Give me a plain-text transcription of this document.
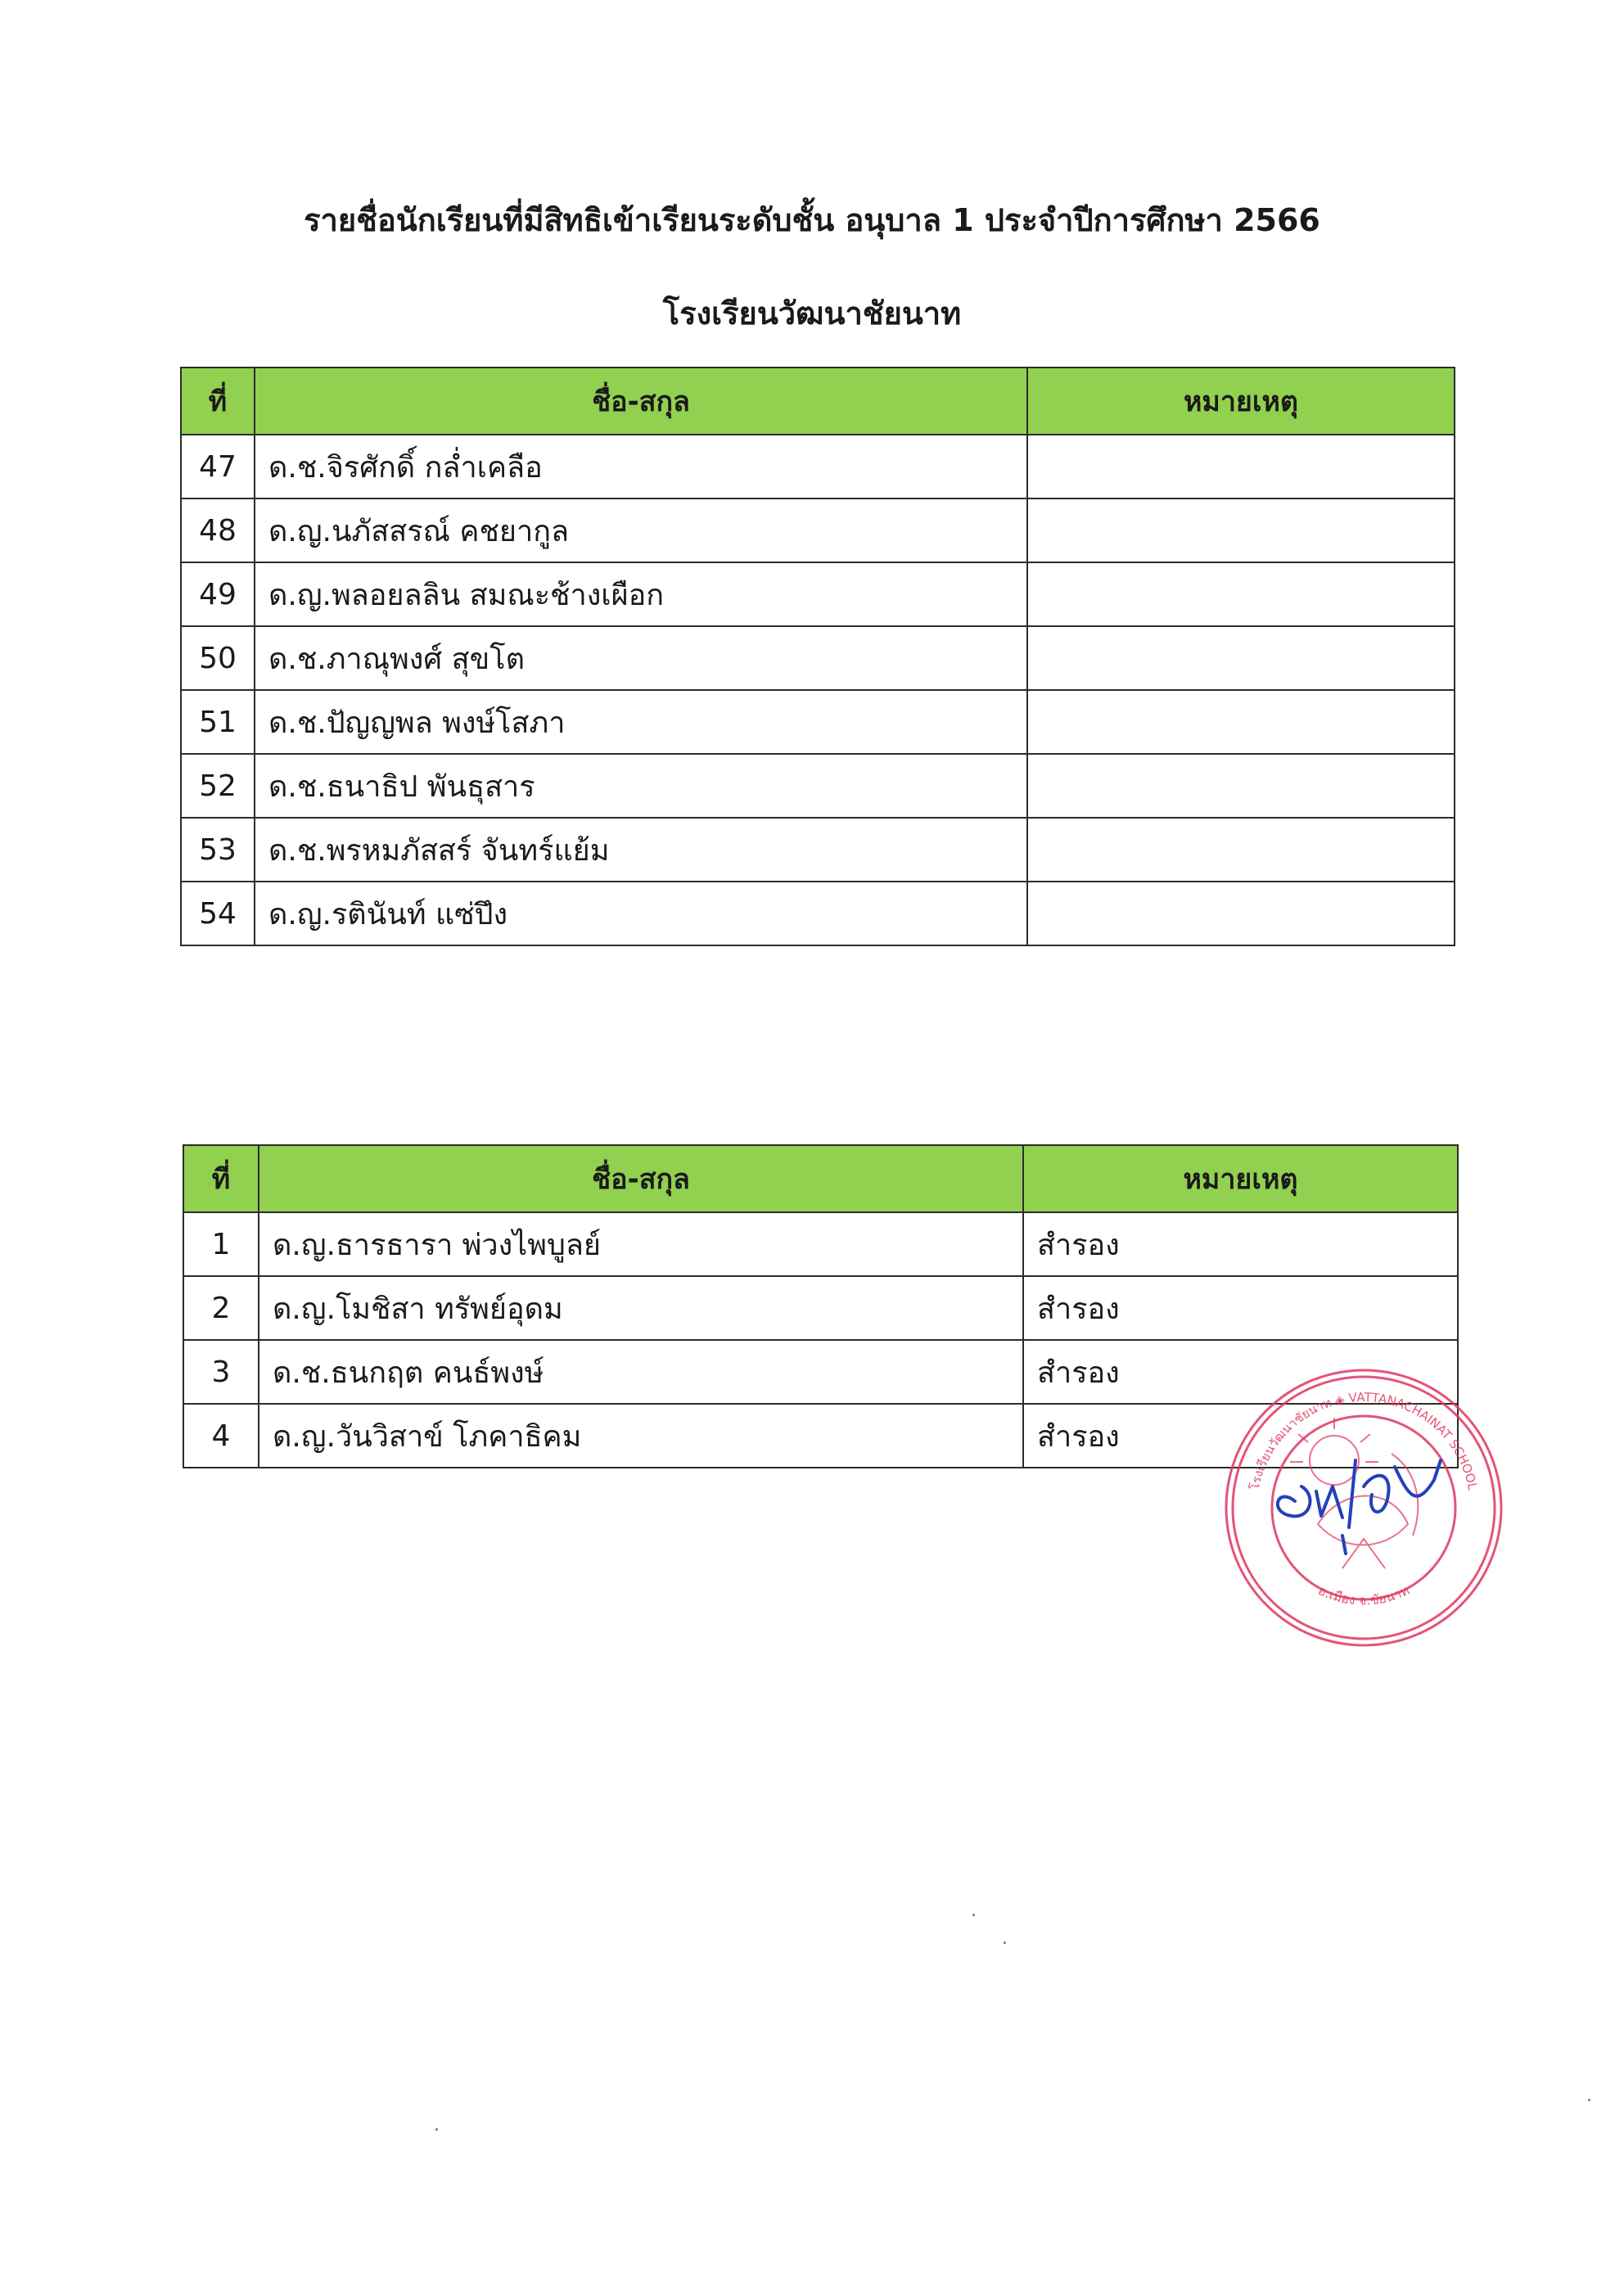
รายชื่อนักเรียนที่มีสิทธิเข้าเรียนระดับชั้น อนุบาล 1 ประจำปีการศึกษา 2566
โรงเรียนวัฒนาชัยนาท
ที่	ชื่อ-สกุล	หมายเหตุ
47	ด.ช.จิรศักดิ์ กล่ำเคลือ	
48	ด.ญ.นภัสสรณ์ คชยากูล	
49	ด.ญ.พลอยลลิน สมณะช้างเผือก	
50	ด.ช.ภาณุพงศ์ สุขโต	
51	ด.ช.ปัญญพล พงษ์โสภา	
52	ด.ช.ธนาธิป พันธุสาร	
53	ด.ช.พรหมภัสสร์ จันทร์แย้ม	
54	ด.ญ.รตินันท์ แซ่ปึง	
ที่	ชื่อ-สกุล	หมายเหตุ
1	ด.ญ.ธารธารา พ่วงไพบูลย์	สำรอง
2	ด.ญ.โมชิสา ทรัพย์อุดม	สำรอง
3	ด.ช.ธนกฤต คนธ์พงษ์	สำรอง
4	ด.ญ.วันวิสาข์ โภคาธิคม	สำรอง
โรงเรียนวัฒนาชัยนาท ◈ VATTANACHAINAT SCHOOL
อ.เมือง จ.ชัยนาท
